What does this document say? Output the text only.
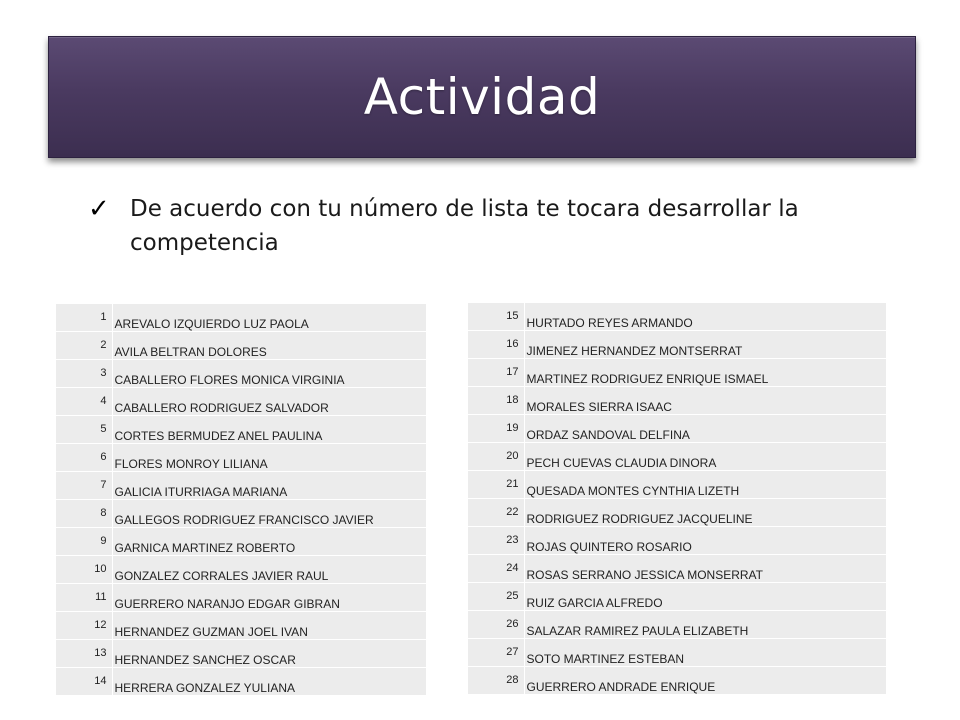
Actividad
✓ De acuerdo con tu número de lista te tocara desarrollar la competencia
1	AREVALO IZQUIERDO LUZ PAOLA
2	AVILA BELTRAN DOLORES
3	CABALLERO FLORES MONICA VIRGINIA
4	CABALLERO RODRIGUEZ SALVADOR
5	CORTES BERMUDEZ ANEL PAULINA
6	FLORES MONROY LILIANA
7	GALICIA ITURRIAGA MARIANA
8	GALLEGOS RODRIGUEZ FRANCISCO JAVIER
9	GARNICA MARTINEZ ROBERTO
10	GONZALEZ CORRALES JAVIER RAUL
11	GUERRERO NARANJO EDGAR GIBRAN
12	HERNANDEZ GUZMAN JOEL IVAN
13	HERNANDEZ SANCHEZ OSCAR
14	HERRERA GONZALEZ YULIANA
15	HURTADO REYES ARMANDO
16	JIMENEZ HERNANDEZ MONTSERRAT
17	MARTINEZ RODRIGUEZ ENRIQUE ISMAEL
18	MORALES SIERRA ISAAC
19	ORDAZ SANDOVAL DELFINA
20	PECH CUEVAS CLAUDIA DINORA
21	QUESADA MONTES CYNTHIA LIZETH
22	RODRIGUEZ RODRIGUEZ JACQUELINE
23	ROJAS QUINTERO ROSARIO
24	ROSAS SERRANO JESSICA MONSERRAT
25	RUIZ GARCIA ALFREDO
26	SALAZAR RAMIREZ PAULA ELIZABETH
27	SOTO MARTINEZ ESTEBAN
28	GUERRERO ANDRADE ENRIQUE
